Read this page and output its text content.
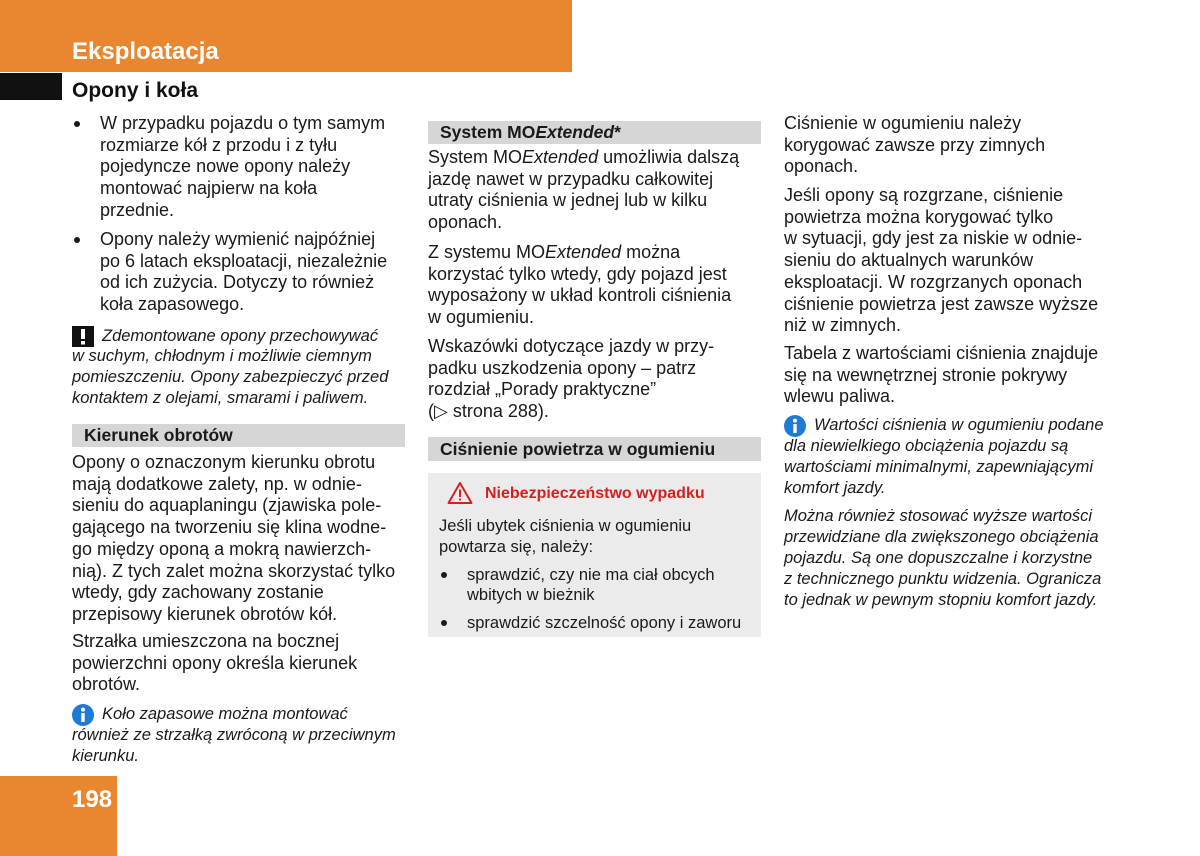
Eksploatacja
Opony i koła
W przypadku pojazdu o tym samym
rozmiarze kół z przodu i z tyłu
pojedyncze nowe opony należy
montować najpierw na koła
przednie.
Opony należy wymienić najpóźniej
po 6 latach eksploatacji, niezależnie
od ich zużycia. Dotyczy to również
koła zapasowego.

Zdemontowane opony przechowywać
w suchym, chłodnym i możliwie ciemnym
pomieszczeniu. Opony zabezpieczyć przed
kontaktem z olejami, smarami i paliwem.

Kierunek obrotów

Opony o oznaczonym kierunku obrotu
mają dodatkowe zalety, np. w odnie-
sieniu do aquaplaningu (zjawiska pole-
gającego na tworzeniu się klina wodne-
go między oponą a mokrą nawierzch-
nią). Z tych zalet można skorzystać tylko
wtedy, gdy zachowany zostanie
przepisowy kierunek obrotów kół.

Strzałka umieszczona na bocznej
powierzchni opony określa kierunek
obrotów.

Koło zapasowe można montować
również ze strzałką zwróconą w przeciwnym
kierunku.

System MOExtended*

System MOExtended umożliwia dalszą
jazdę nawet w przypadku całkowitej
utraty ciśnienia w jednej lub w kilku
oponach.

Z systemu MOExtended można
korzystać tylko wtedy, gdy pojazd jest
wyposażony w układ kontroli ciśnienia
w ogumieniu.

Wskazówki dotyczące jazdy w przy-
padku uszkodzenia opony – patrz
rozdział „Porady praktyczne”
(▷ strona 288).

Ciśnienie powietrza w ogumieniu

Niebezpieczeństwo wypadku

Jeśli ubytek ciśnienia w ogumieniu
powtarza się, należy:

sprawdzić, czy nie ma ciał obcych
wbitych w bieżnik
sprawdzić szczelność opony i zaworu

Ciśnienie w ogumieniu należy
korygować zawsze przy zimnych
oponach.

Jeśli opony są rozgrzane, ciśnienie
powietrza można korygować tylko
w sytuacji, gdy jest za niskie w odnie-
sieniu do aktualnych warunków
eksploatacji. W rozgrzanych oponach
ciśnienie powietrza jest zawsze wyższe
niż w zimnych.

Tabela z wartościami ciśnienia znajduje
się na wewnętrznej stronie pokrywy
wlewu paliwa.

Wartości ciśnienia w ogumieniu podane
dla niewielkiego obciążenia pojazdu są
wartościami minimalnymi, zapewniającymi
komfort jazdy.

Można również stosować wyższe wartości
przewidziane dla zwiększonego obciążenia
pojazdu. Są one dopuszczalne i korzystne
z technicznego punktu widzenia. Ogranicza
to jednak w pewnym stopniu komfort jazdy.

198
